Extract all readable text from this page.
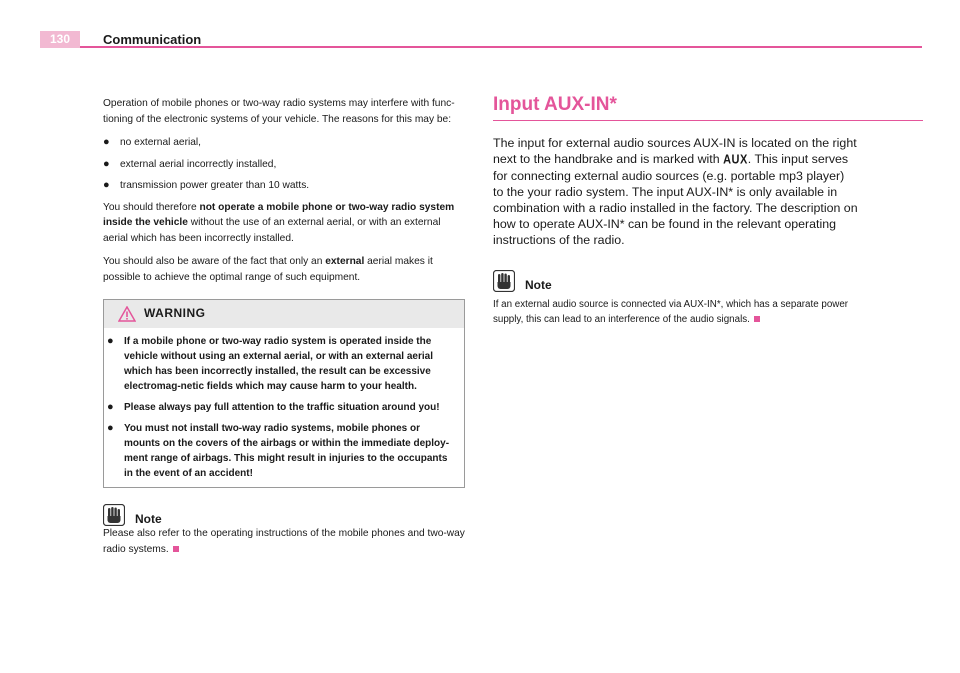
130	Communication

Operation of mobile phones or two-way radio systems may interfere with func-tioning of the electronic systems of your vehicle. The reasons for this may be:

● no external aerial,
● external aerial incorrectly installed,
● transmission power greater than 10 watts.

You should therefore not operate a mobile phone or two-way radio system inside the vehicle without the use of an external aerial, or with an external aerial which has been incorrectly installed.

You should also be aware of the fact that only an external aerial makes it possible to achieve the optimal range of such equipment.

WARNING
● If a mobile phone or two-way radio system is operated inside the vehicle without using an external aerial, or with an external aerial which has been incorrectly installed, the result can be excessive electromag-netic fields which may cause harm to your health.
● Please always pay full attention to the traffic situation around you!
● You must not install two-way radio systems, mobile phones or mounts on the covers of the airbags or within the immediate deploy-ment range of airbags. This might result in injuries to the occupants in the event of an accident!
Note

Please also refer to the operating instructions of the mobile phones and two-way radio systems.

Input AUX-IN*

The input for external audio sources AUX-IN is located on the right next to the handbrake and is marked with AUX. This input serves for connecting external audio sources (e.g. portable mp3 player) to the your radio system. The input AUX-IN* is only available in combination with a radio installed in the factory. The description on how to operate AUX-IN* can be found in the relevant operating instructions of the radio.

Note

If an external audio source is connected via AUX-IN*, which has a separate power supply, this can lead to an interference of the audio signals.
